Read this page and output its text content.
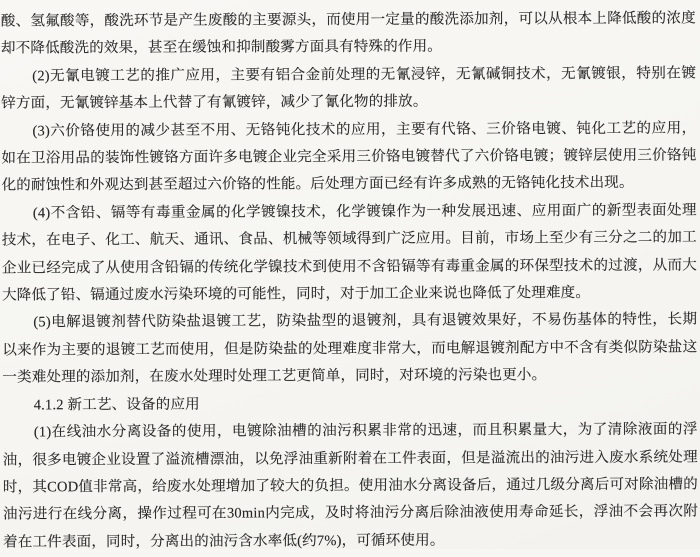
酸、氢氟酸等，酸洗环节是产生废酸的主要源头，而使用一定量的酸洗添加剂，可以从根本上降低酸的浓度却不降低酸洗的效果，甚至在缓蚀和抑制酸雾方面具有特殊的作用。

(2)无氰电镀工艺的推广应用，主要有铝合金前处理的无氰浸锌，无氰碱铜技术，无氰镀银，特别在镀锌方面，无氰镀锌基本上代替了有氰镀锌，减少了氰化物的排放。

(3)六价铬使用的减少甚至不用、无铬钝化技术的应用，主要有代铬、三价铬电镀、钝化工艺的应用，如在卫浴用品的装饰性镀铬方面许多电镀企业完全采用三价铬电镀替代了六价铬电镀；镀锌层使用三价铬钝化的耐蚀性和外观达到甚至超过六价铬的性能。后处理方面已经有许多成熟的无铬钝化技术出现。

(4)不含铅、镉等有毒重金属的化学镀镍技术，化学镀镍作为一种发展迅速、应用面广的新型表面处理技术，在电子、化工、航天、通讯、食品、机械等领域得到广泛应用。目前，市场上至少有三分之二的加工企业已经完成了从使用含铅镉的传统化学镍技术到使用不含铅镉等有毒重金属的环保型技术的过渡，从而大大降低了铅、镉通过废水污染环境的可能性，同时，对于加工企业来说也降低了处理难度。

(5)电解退镀剂替代防染盐退镀工艺，防染盐型的退镀剂，具有退镀效果好，不易伤基体的特性，长期以来作为主要的退镀工艺而使用，但是防染盐的处理难度非常大，而电解退镀剂配方中不含有类似防染盐这一类难处理的添加剂，在废水处理时处理工艺更简单，同时，对环境的污染也更小。

4.1.2 新工艺、设备的应用

(1)在线油水分离设备的使用，电镀除油槽的油污积累非常的迅速，而且积累量大，为了清除液面的浮油，很多电镀企业设置了溢流槽漂油，以免浮油重新附着在工件表面，但是溢流出的油污进入废水系统处理时，其COD值非常高，给废水处理增加了较大的负担。使用油水分离设备后，通过几级分离后可对除油槽的油污进行在线分离，操作过程可在30min内完成，及时将油污分离后除油液使用寿命延长，浮油不会再次附着在工件表面，同时，分离出的油污含水率低(约7%)，可循环使用。
